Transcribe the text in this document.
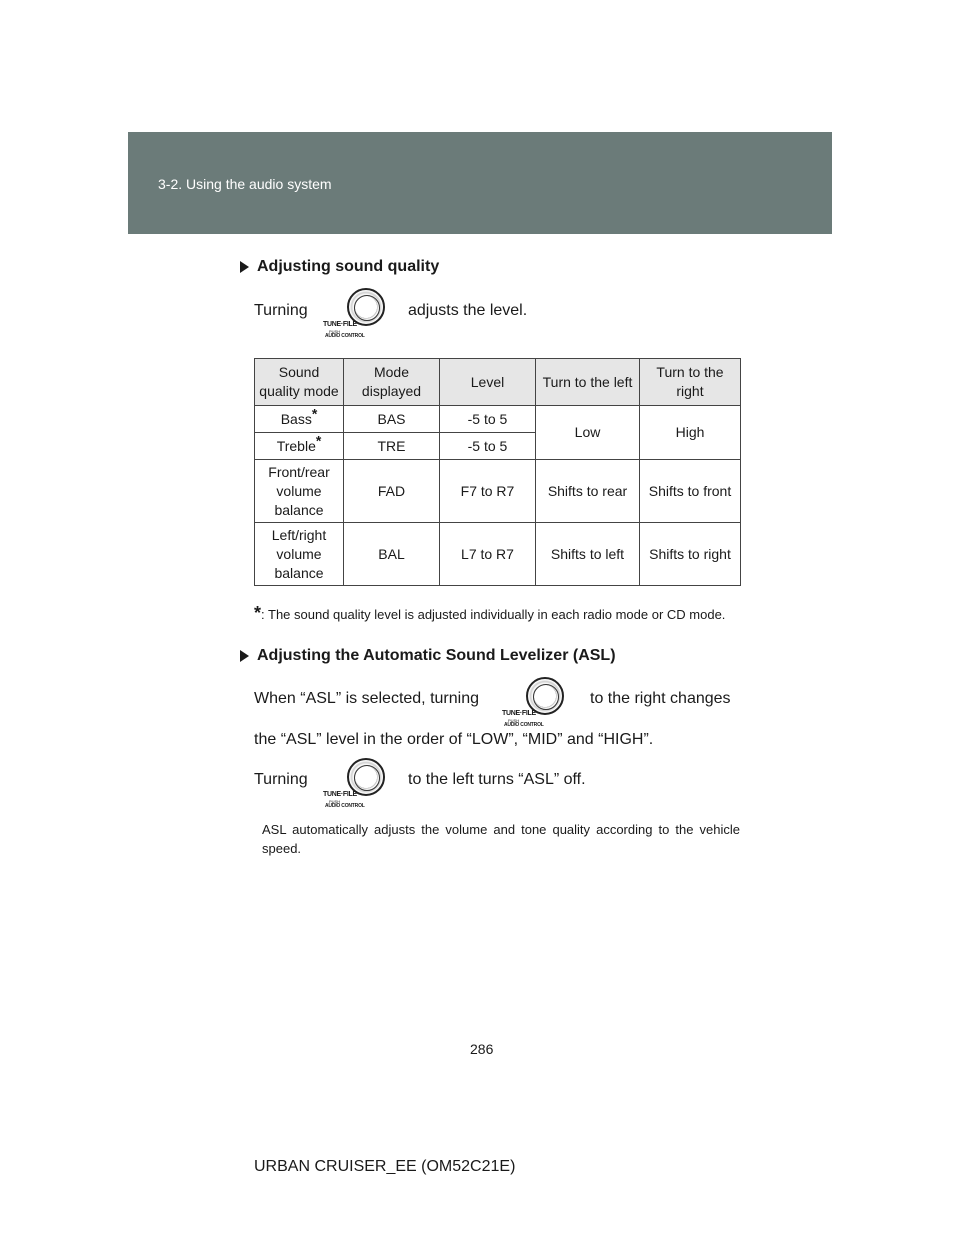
3-2. Using the audio system
Adjusting sound quality
Turning
TUNE·FILE
PUSH
AUDIO CONTROL
adjusts the level.
Sound quality mode	Mode displayed	Level	Turn to the left	Turn to the right
Bass*	BAS	-5 to 5	Low	High
Treble*	TRE	-5 to 5		
Front/rear volume balance	FAD	F7 to R7	Shifts to rear	Shifts to front
Left/right volume balance	BAL	L7 to R7	Shifts to left	Shifts to right
*: The sound quality level is adjusted individually in each radio mode or CD mode.
Adjusting the Automatic Sound Levelizer (ASL)
When “ASL” is selected, turning
TUNE·FILE
PUSH
AUDIO CONTROL
to the right changes
the “ASL” level in the order of “LOW”, “MID” and “HIGH”.
Turning
TUNE·FILE
PUSH
AUDIO CONTROL
to the left turns “ASL” off.
ASL automatically adjusts the volume and tone quality according to the vehicle speed.
286
URBAN CRUISER_EE (OM52C21E)
